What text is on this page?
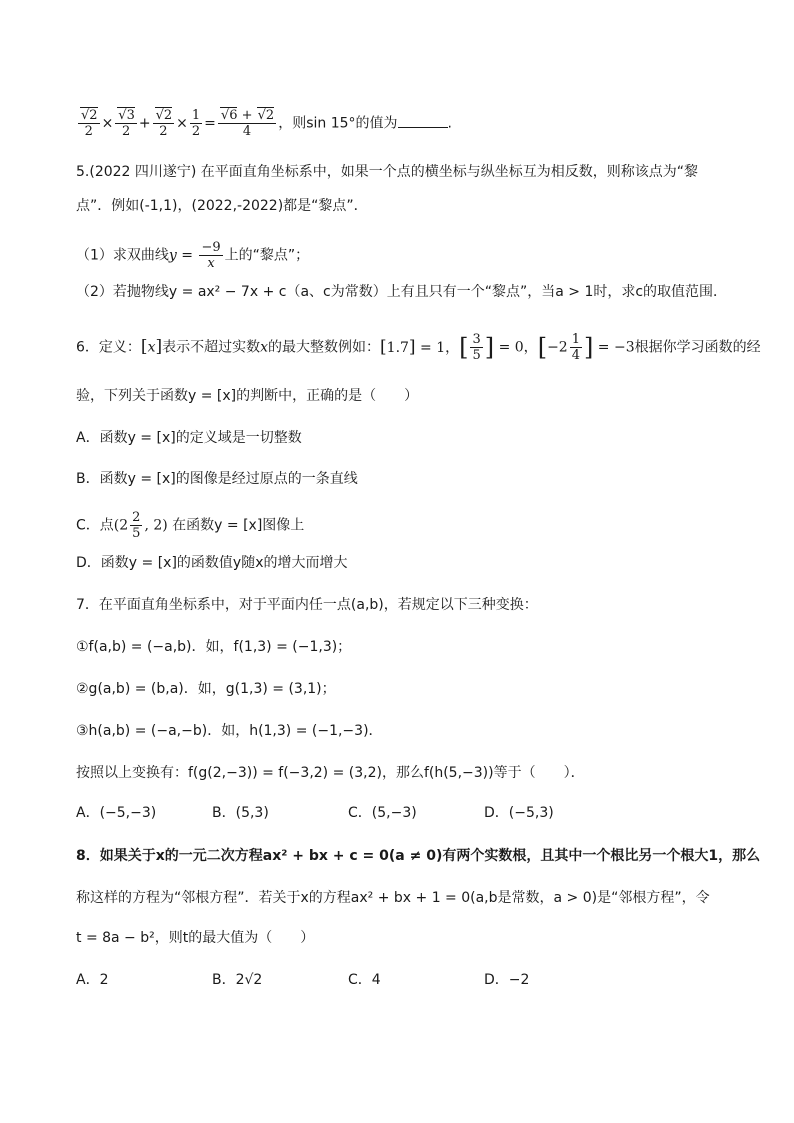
$\frac{√2}{2} \times \frac{√3}{2} + \frac{√2}{2} \times \frac{1}{2} = \frac{√6 + √2}{4}$ ，则sin 15°的值为	.
5.(2022 四川遂宁) 在平面直角坐标系中，如果一个点的横坐标与纵坐标互为相反数，则称该点为“黎
点”．例如(-1,1)，(2022,-2022)都是“黎点”．
（1）求双曲线$y = \frac{-9}{x}$ 上的“黎点”；
（2）若抛物线y = ax² − 7x + c（a、c为常数）上有且只有一个“黎点”，当a > 1时，求c的取值范围．
6．定义：[x]表示不超过实数x的最大整数例如：[1.7] = 1，[ $\frac{3}{5}$ ] = 0，[$-2 \frac{1}{4}$ ] = −3根据你学习函数的经
验，下列关于函数y = [x]的判断中，正确的是（　　）
A．函数y = [x]的定义域是一切整数
B．函数y = [x]的图像是经过原点的一条直线
C．点($2 \frac{2}{5}$ , 2) 在函数y = [x]图像上
D．函数y = [x]的函数值y随x的增大而增大
7．在平面直角坐标系中，对于平面内任一点(a,b)，若规定以下三种变换：
①f(a,b) = (−a,b)．如，f(1,3) = (−1,3)；
②g(a,b) = (b,a)．如，g(1,3) = (3,1)；
③h(a,b) = (−a,−b)．如，h(1,3) = (−1,−3)．
按照以上变换有：f(g(2,−3)) = f(−3,2) = (3,2)，那么f(h(5,−3))等于（　　）．
A．(−5,−3)	B．(5,3)	C．(5,−3)	D．(−5,3)
8．如果关于x的一元二次方程ax² + bx + c = 0(a ≠ 0)有两个实数根，且其中一个根比另一个根大1，那么
称这样的方程为“邻根方程”．若关于x的方程ax² + bx + 1 = 0(a,b是常数，a > 0)是“邻根方程”，令
t = 8a − b²，则t的最大值为（　　）
A．2	B．2√2	C．4	D．−2
